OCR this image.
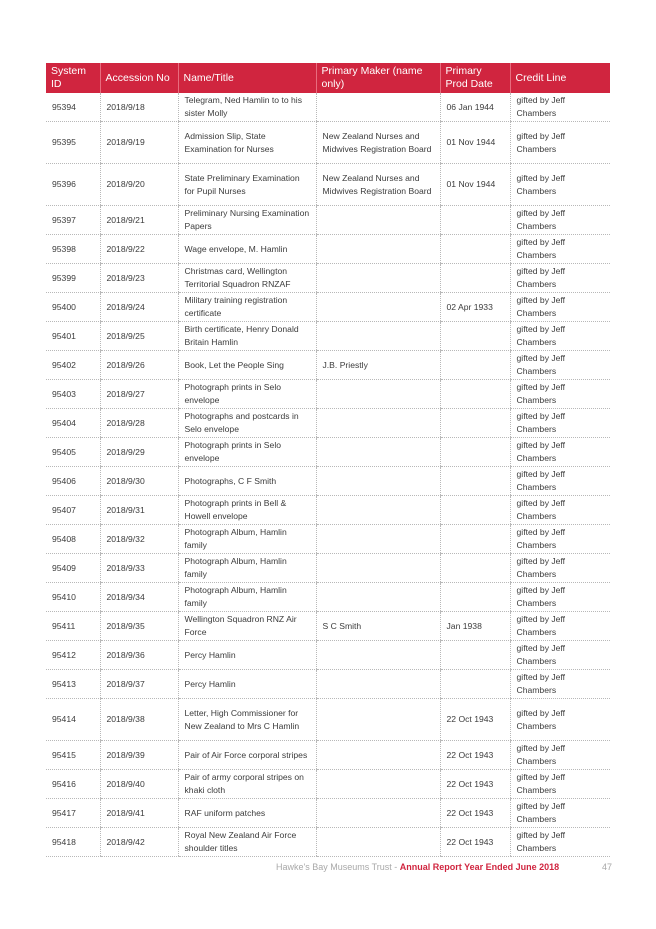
System ID	Accession No	Name/Title	Primary Maker (name only)	Primary Prod Date	Credit Line
95394	2018/9/18	Telegram, Ned Hamlin to to his sister Molly		06 Jan 1944	gifted by Jeff Chambers
95395	2018/9/19	Admission Slip, State Examination for Nurses	New Zealand Nurses and Midwives Registration Board	01 Nov 1944	gifted by Jeff Chambers
95396	2018/9/20	State Preliminary Examination for Pupil Nurses	New Zealand Nurses and Midwives Registration Board	01 Nov 1944	gifted by Jeff Chambers
95397	2018/9/21	Preliminary Nursing Examination Papers			gifted by Jeff Chambers
95398	2018/9/22	Wage envelope, M. Hamlin			gifted by Jeff Chambers
95399	2018/9/23	Christmas card, Wellington Territorial Squadron RNZAF			gifted by Jeff Chambers
95400	2018/9/24	Military training registration certificate		02 Apr 1933	gifted by Jeff Chambers
95401	2018/9/25	Birth certificate, Henry Donald Britain Hamlin			gifted by Jeff Chambers
95402	2018/9/26	Book, Let the People Sing	J.B. Priestly		gifted by Jeff Chambers
95403	2018/9/27	Photograph prints in Selo envelope			gifted by Jeff Chambers
95404	2018/9/28	Photographs and postcards in Selo envelope			gifted by Jeff Chambers
95405	2018/9/29	Photograph prints in Selo envelope			gifted by Jeff Chambers
95406	2018/9/30	Photographs, C F Smith			gifted by Jeff Chambers
95407	2018/9/31	Photograph prints in Bell & Howell envelope			gifted by Jeff Chambers
95408	2018/9/32	Photograph Album, Hamlin family			gifted by Jeff Chambers
95409	2018/9/33	Photograph Album, Hamlin family			gifted by Jeff Chambers
95410	2018/9/34	Photograph Album, Hamlin family			gifted by Jeff Chambers
95411	2018/9/35	Wellington Squadron RNZ Air Force	S C Smith	Jan 1938	gifted by Jeff Chambers
95412	2018/9/36	Percy Hamlin			gifted by Jeff Chambers
95413	2018/9/37	Percy Hamlin			gifted by Jeff Chambers
95414	2018/9/38	Letter, High Commissioner for New Zealand to Mrs C Hamlin		22 Oct 1943	gifted by Jeff Chambers
95415	2018/9/39	Pair of Air Force corporal stripes		22 Oct 1943	gifted by Jeff Chambers
95416	2018/9/40	Pair of army corporal stripes on khaki cloth		22 Oct 1943	gifted by Jeff Chambers
95417	2018/9/41	RAF uniform patches		22 Oct 1943	gifted by Jeff Chambers
95418	2018/9/42	Royal New Zealand Air Force shoulder titles		22 Oct 1943	gifted by Jeff Chambers
Hawke's Bay Museums Trust - Annual Report Year Ended June 2018	47
